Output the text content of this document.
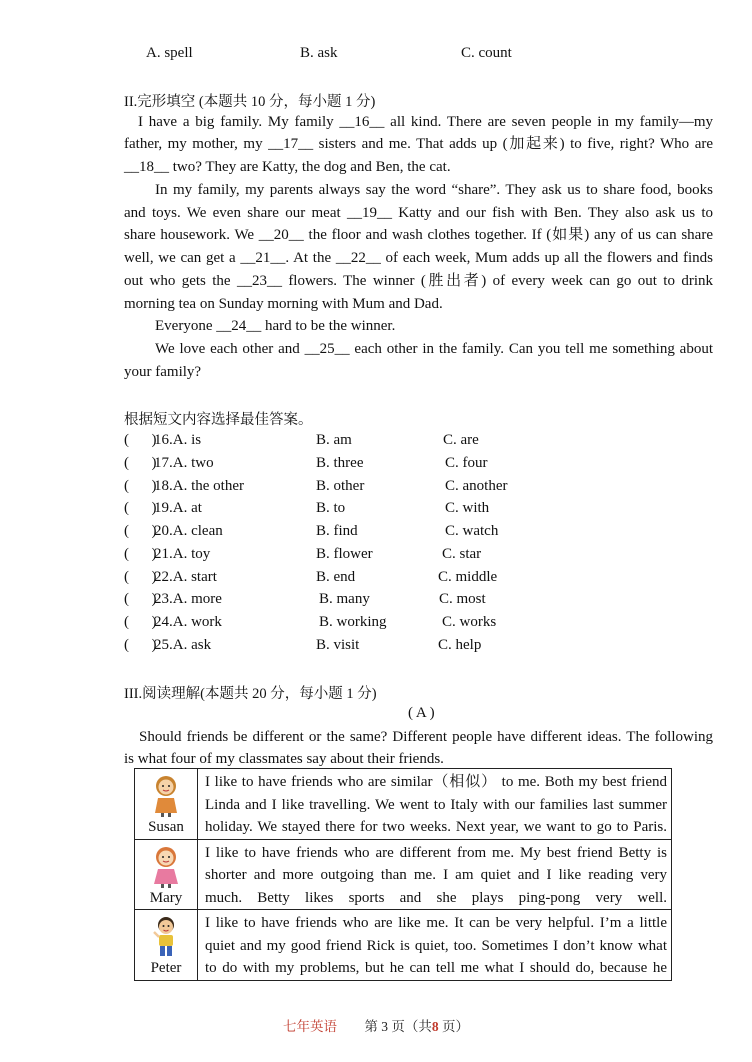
A. spell	B. ask	C. count
II.完形填空 (本题共 10 分，每小题 1 分)
I have a big family. My family __16__ all kind. There are seven people in my family—my
father, my mother, my __17__ sisters and me. That adds up (加起来) to five, right? Who are
__18__ two? They are Katty, the dog and Ben, the cat.
In my family, my parents always say the word “share”. They ask us to share food, books
and toys. We even share our meat __19__ Katty and our fish with Ben. They also ask us to
share housework. We __20__ the floor and wash clothes together. If (如果) any of us can share
well, we can get a __21__. At the __22__ of each week, Mum adds up all the flowers and finds
out who gets the __23__ flowers. The winner (胜出者) of every week can go out to drink
morning tea on Sunday morning with Mum and Dad.
Everyone __24__ hard to be the winner.
We love each other and __25__ each other in the family. Can you tell me something about
your family?
根据短文内容选择最佳答案。
(      )
16.A. is	B. am	C. are
(      )
17.A. two	B. three	C. four
(      )
18.A. the other	B. other	C. another
(      )
19.A. at	B. to	C. with
(      )
20.A. clean	B. find	C. watch
(      )
21.A. toy	B. flower	C. star
(      )
22.A. start	B. end	C. middle
(      )
23.A. more	B. many	C. most
(      )
24.A. work	B. working	C. works
(      )
25.A. ask	B. visit	C. help
III.阅读理解(本题共 20 分，每小题 1 分)
( A )
Should friends be different or the same? Different people have different ideas. The following
is what four of my classmates say about their friends.
Susan	I like to have friends who are similar（相似） to me. Both my best friend
Linda and I like travelling. We went to Italy with our families last summer
holiday. We stayed there for two weeks. Next year, we want to go to Paris.

Mary	I like to have friends who are different from me. My best friend Betty is
shorter and more outgoing than me. I am quiet and I like reading very
much. Betty likes sports and she plays ping-pong very well.

Peter	I like to have friends who are like me. It can be very helpful. I’m a little
quiet and my good friend Rick is quiet, too. Sometimes I don’t know what
to do with my problems, but he can tell me what I should do, because he
七年英语 第 3 页（共8 页）
